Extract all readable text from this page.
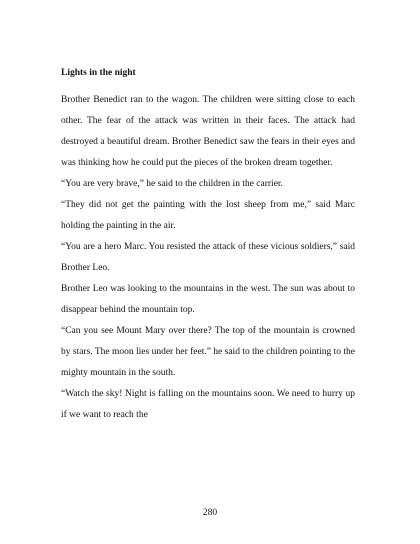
Lights in the night

Brother Benedict ran to the wagon. The children were sitting close to each other. The fear of the attack was written in their faces. The attack had destroyed a beautiful dream. Brother Benedict saw the fears in their eyes and was thinking how he could put the pieces of the broken dream together.

“You are very brave,” he said to the children in the carrier.

“They did not get the painting with the lost sheep from me,” said Marc holding the painting in the air.

“You are a hero Marc. You resisted the attack of these vicious soldiers,” said Brother Leo.

Brother Leo was looking to the mountains in the west. The sun was about to disappear behind the mountain top.

“Can you see Mount Mary over there? The top of the mountain is crowned by stars. The moon lies under her feet.” he said to the children pointing to the mighty mountain in the south.

“Watch the sky! Night is falling on the mountains soon. We need to hurry up if we want to reach the

280
